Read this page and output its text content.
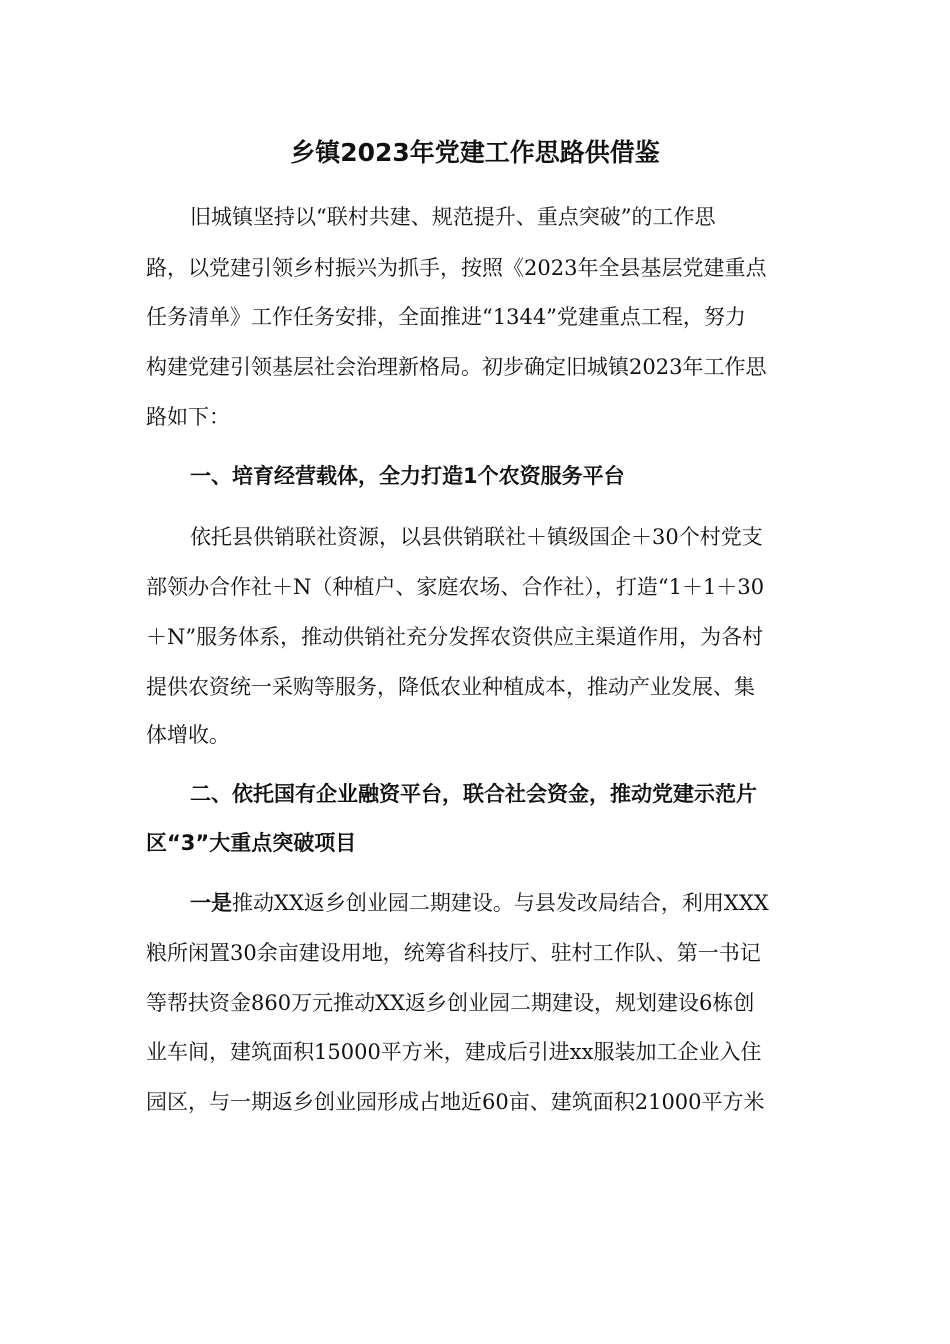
乡镇2023年党建工作思路供借鉴
旧城镇坚持以“联村共建、规范提升、重点突破”的工作思
路，以党建引领乡村振兴为抓手，按照《2023年全县基层党建重点
任务清单》工作任务安排，全面推进“1344”党建重点工程，努力
构建党建引领基层社会治理新格局。初步确定旧城镇2023年工作思
路如下：
一、培育经营载体，全力打造1个农资服务平台
依托县供销联社资源，以县供销联社＋镇级国企＋30个村党支
部领办合作社＋N（种植户、家庭农场、合作社），打造“1＋1＋30
＋N”服务体系，推动供销社充分发挥农资供应主渠道作用，为各村
提供农资统一采购等服务，降低农业种植成本，推动产业发展、集
体增收。
二、依托国有企业融资平台，联合社会资金，推动党建示范片
区“3”大重点突破项目
一是推动XX返乡创业园二期建设。与县发改局结合，利用XXX
粮所闲置30余亩建设用地，统筹省科技厅、驻村工作队、第一书记
等帮扶资金860万元推动XX返乡创业园二期建设，规划建设6栋创
业车间，建筑面积15000平方米，建成后引进xx服装加工企业入住
园区，与一期返乡创业园形成占地近60亩、建筑面积21000平方米
